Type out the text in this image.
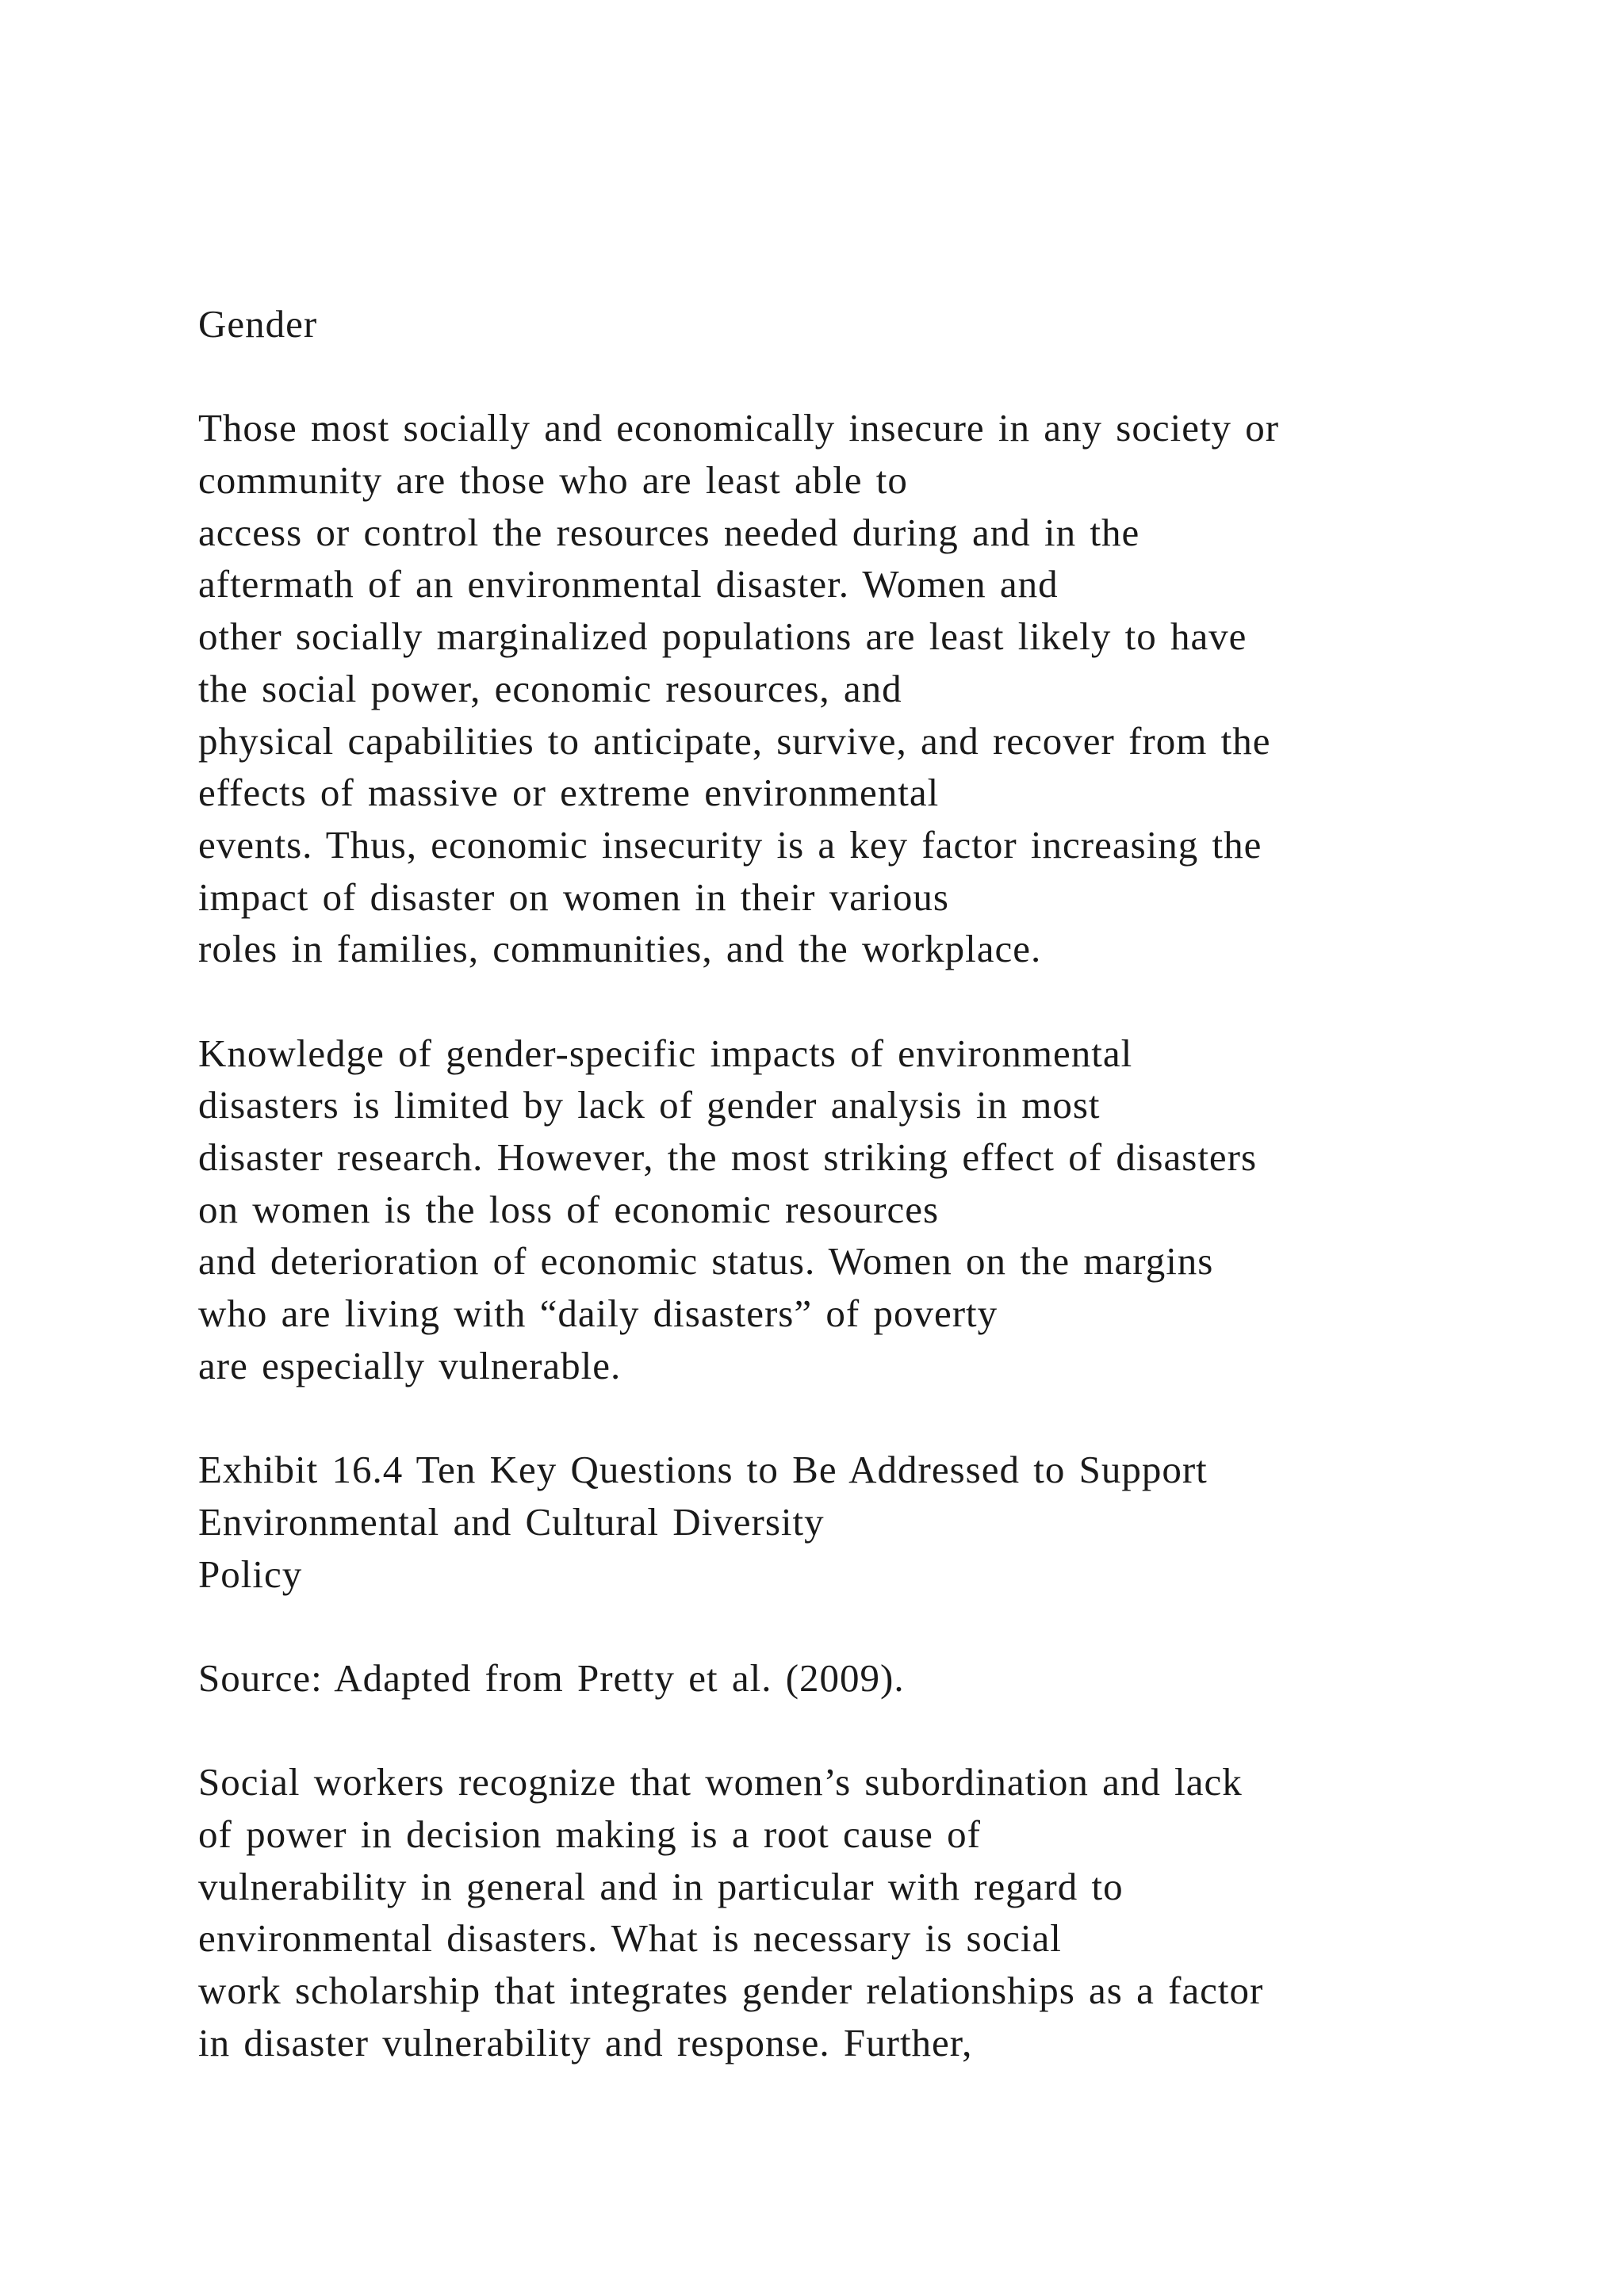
Gender
Those most socially and economically insecure in any society or
community are those who are least able to
access or control the resources needed during and in the
aftermath of an environmental disaster. Women and
other socially marginalized populations are least likely to have
the social power, economic resources, and
physical capabilities to anticipate, survive, and recover from the
effects of massive or extreme environmental
events. Thus, economic insecurity is a key factor increasing the
impact of disaster on women in their various
roles in families, communities, and the workplace.
Knowledge of gender-specific impacts of environmental
disasters is limited by lack of gender analysis in most
disaster research. However, the most striking effect of disasters
on women is the loss of economic resources
and deterioration of economic status. Women on the margins
who are living with “daily disasters” of poverty
are especially vulnerable.
Exhibit 16.4 Ten Key Questions to Be Addressed to Support
Environmental and Cultural Diversity
Policy
Source: Adapted from Pretty et al. (2009).
Social workers recognize that women’s subordination and lack
of power in decision making is a root cause of
vulnerability in general and in particular with regard to
environmental disasters. What is necessary is social
work scholarship that integrates gender relationships as a factor
in disaster vulnerability and response. Further,
